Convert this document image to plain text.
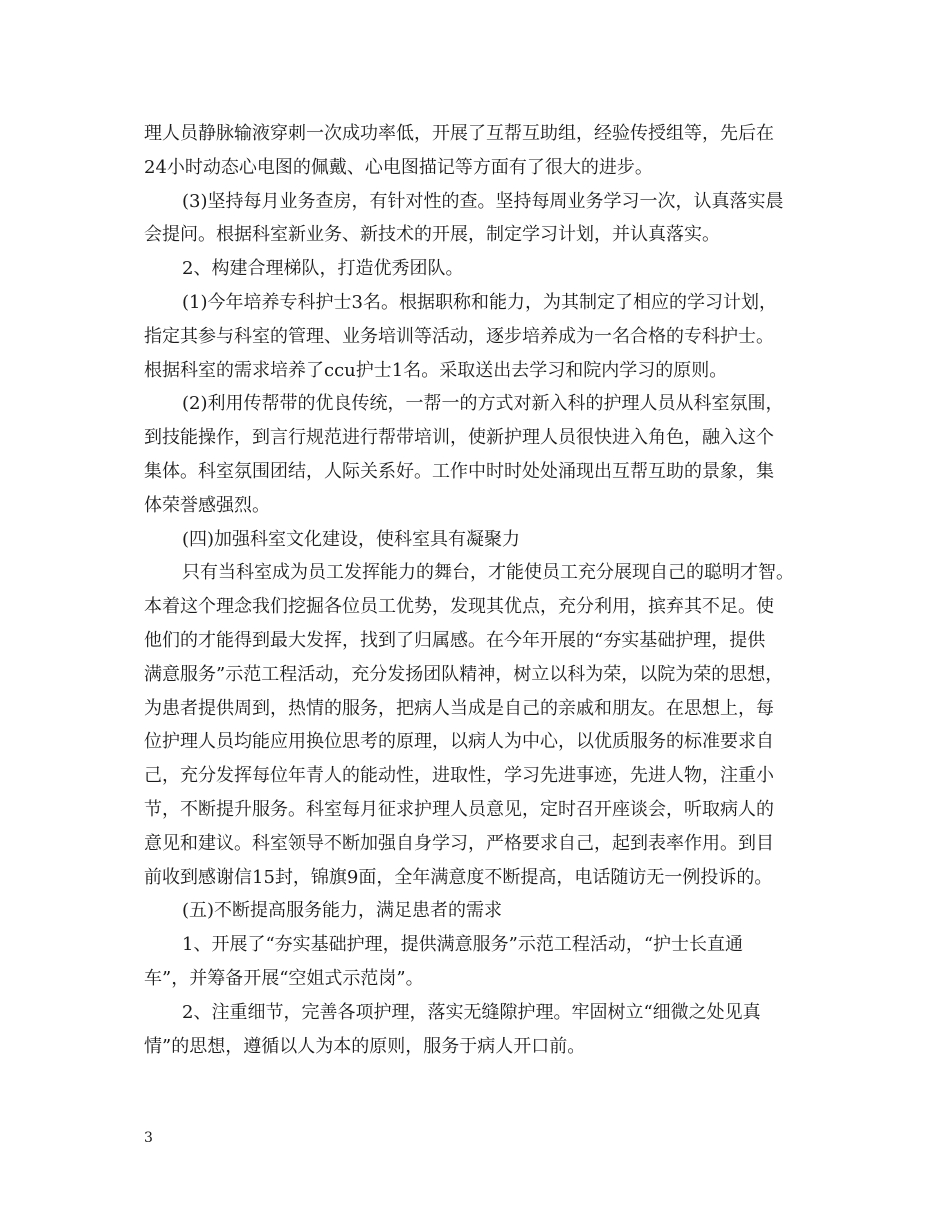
理人员静脉输液穿刺一次成功率低，开展了互帮互助组，经验传授组等，先后在
24小时动态心电图的佩戴、心电图描记等方面有了很大的进步。
(3)坚持每月业务查房，有针对性的查。坚持每周业务学习一次，认真落实晨
会提问。根据科室新业务、新技术的开展，制定学习计划，并认真落实。
2、构建合理梯队，打造优秀团队。
(1)今年培养专科护士3名。根据职称和能力，为其制定了相应的学习计划，
指定其参与科室的管理、业务培训等活动，逐步培养成为一名合格的专科护士。
根据科室的需求培养了ccu护士1名。采取送出去学习和院内学习的原则。
(2)利用传帮带的优良传统，一帮一的方式对新入科的护理人员从科室氛围，
到技能操作，到言行规范进行帮带培训，使新护理人员很快进入角色，融入这个
集体。科室氛围团结，人际关系好。工作中时时处处涌现出互帮互助的景象，集
体荣誉感强烈。
(四)加强科室文化建设，使科室具有凝聚力
只有当科室成为员工发挥能力的舞台，才能使员工充分展现自己的聪明才智。
本着这个理念我们挖掘各位员工优势，发现其优点，充分利用，摈弃其不足。使
他们的才能得到最大发挥，找到了归属感。在今年开展的“夯实基础护理，提供
满意服务”示范工程活动，充分发扬团队精神，树立以科为荣，以院为荣的思想，
为患者提供周到，热情的服务，把病人当成是自己的亲戚和朋友。在思想上，每
位护理人员均能应用换位思考的原理，以病人为中心，以优质服务的标准要求自
己，充分发挥每位年青人的能动性，进取性，学习先进事迹，先进人物，注重小
节，不断提升服务。科室每月征求护理人员意见，定时召开座谈会，听取病人的
意见和建议。科室领导不断加强自身学习，严格要求自己，起到表率作用。到目
前收到感谢信15封，锦旗9面，全年满意度不断提高，电话随访无一例投诉的。
(五)不断提高服务能力，满足患者的需求
1、开展了“夯实基础护理，提供满意服务”示范工程活动，“护士长直通
车”，并筹备开展“空姐式示范岗”。
2、注重细节，完善各项护理，落实无缝隙护理。牢固树立“细微之处见真
情”的思想，遵循以人为本的原则，服务于病人开口前。
3
